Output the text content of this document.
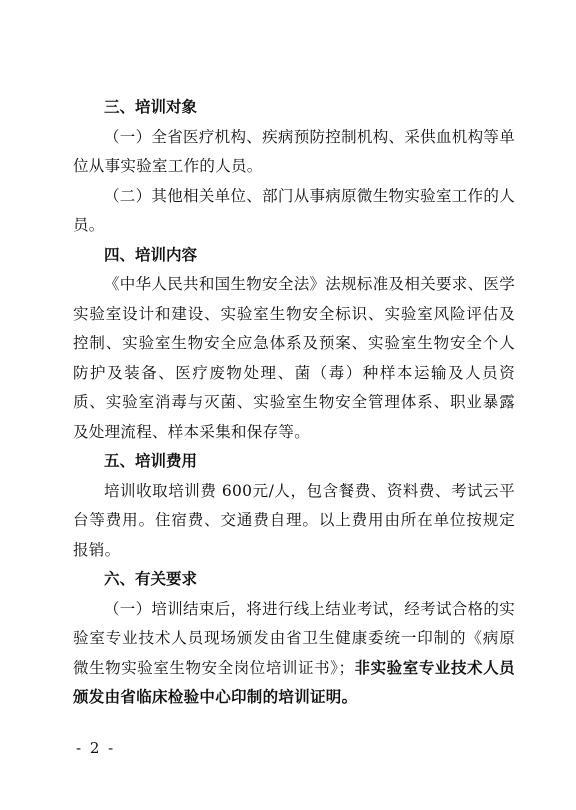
三、培训对象

（一）全省医疗机构、疾病预防控制机构、采供血机构等单位从事实验室工作的人员。

（二）其他相关单位、部门从事病原微生物实验室工作的人员。

四、培训内容

《中华人民共和国生物安全法》法规标准及相关要求、医学实验室设计和建设、实验室生物安全标识、实验室风险评估及控制、实验室生物安全应急体系及预案、实验室生物安全个人防护及装备、医疗废物处理、菌（毒）种样本运输及人员资质、实验室消毒与灭菌、实验室生物安全管理体系、职业暴露及处理流程、样本采集和保存等。

五、培训费用

培训收取培训费 600元/人，包含餐费、资料费、考试云平台等费用。住宿费、交通费自理。以上费用由所在单位按规定报销。

六、有关要求

（一）培训结束后，将进行线上结业考试，经考试合格的实验室专业技术人员现场颁发由省卫生健康委统一印制的《病原微生物实验室生物安全岗位培训证书》；非实验室专业技术人员颁发由省临床检验中心印制的培训证明。

- 2 -
